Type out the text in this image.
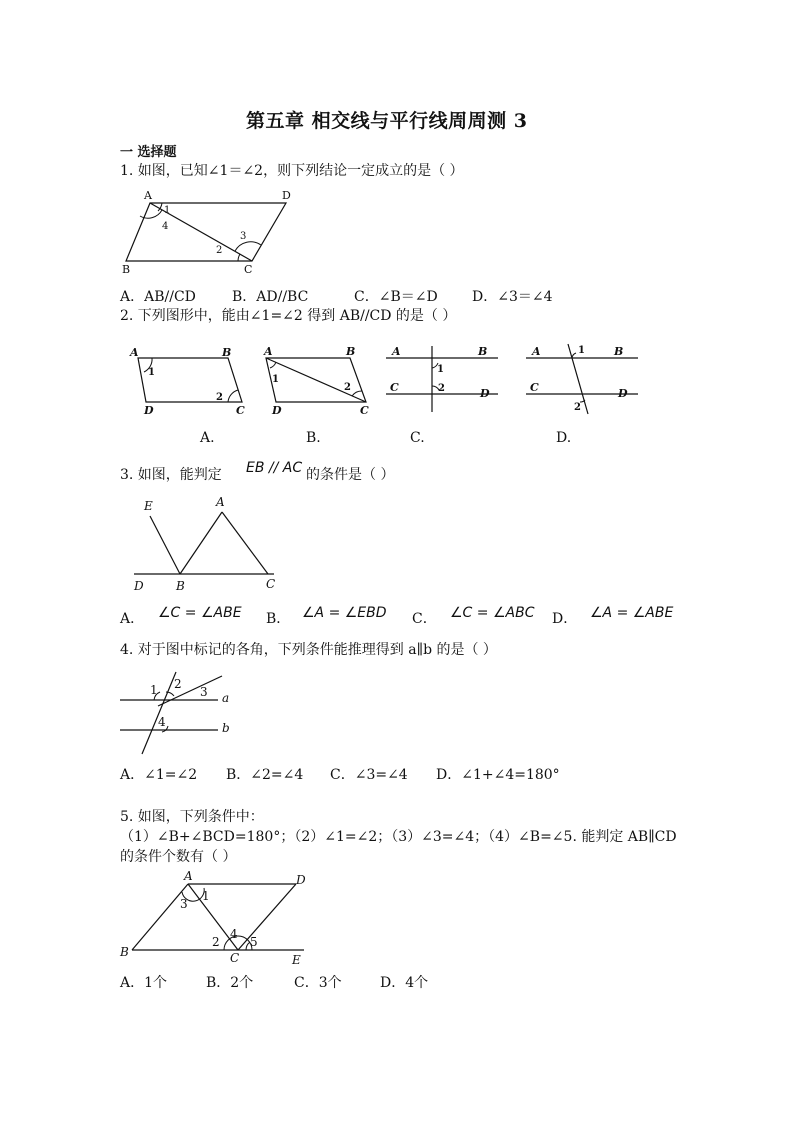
第五章 相交线与平行线周周测 3
一 选择题
1. 如图，已知∠1＝∠2，则下列结论一定成立的是（ ）
A	D
B	C
1
4
2
3
A．AB//CD	B．AD//BC	C．∠B＝∠D D．∠3＝∠4
2. 下列图形中，能由∠1=∠2 得到 AB//CD 的是（ ）
A	B
D	C
1
2
A	B
D	C
1
2
A	B
C	D
1
2
A	B
C	D
1
2
A.	B.	C.	D.
3. 如图，能判定 EB // AC 的条件是（ ）
E	A
D	B	C
A． ∠C = ∠ABE B． ∠A = ∠EBD C． ∠C = ∠ABC D． ∠A = ∠ABE
4. 对于图中标记的各角，下列条件能推理得到 a∥b 的是（ ）
1 2
3
4
a
b
A．∠1=∠2 B．∠2=∠4 C．∠3=∠4 D．∠1+∠4=180°
5. 如图，下列条件中：
（1）∠B+∠BCD=180°；（2）∠1=∠2；（3）∠3=∠4；（4）∠B=∠5. 能判定 AB∥CD
的条件个数有（ ）
A	D
B	C	E
1
3
2
4
5
A．1个	B．2个	C．3个	D．4个
